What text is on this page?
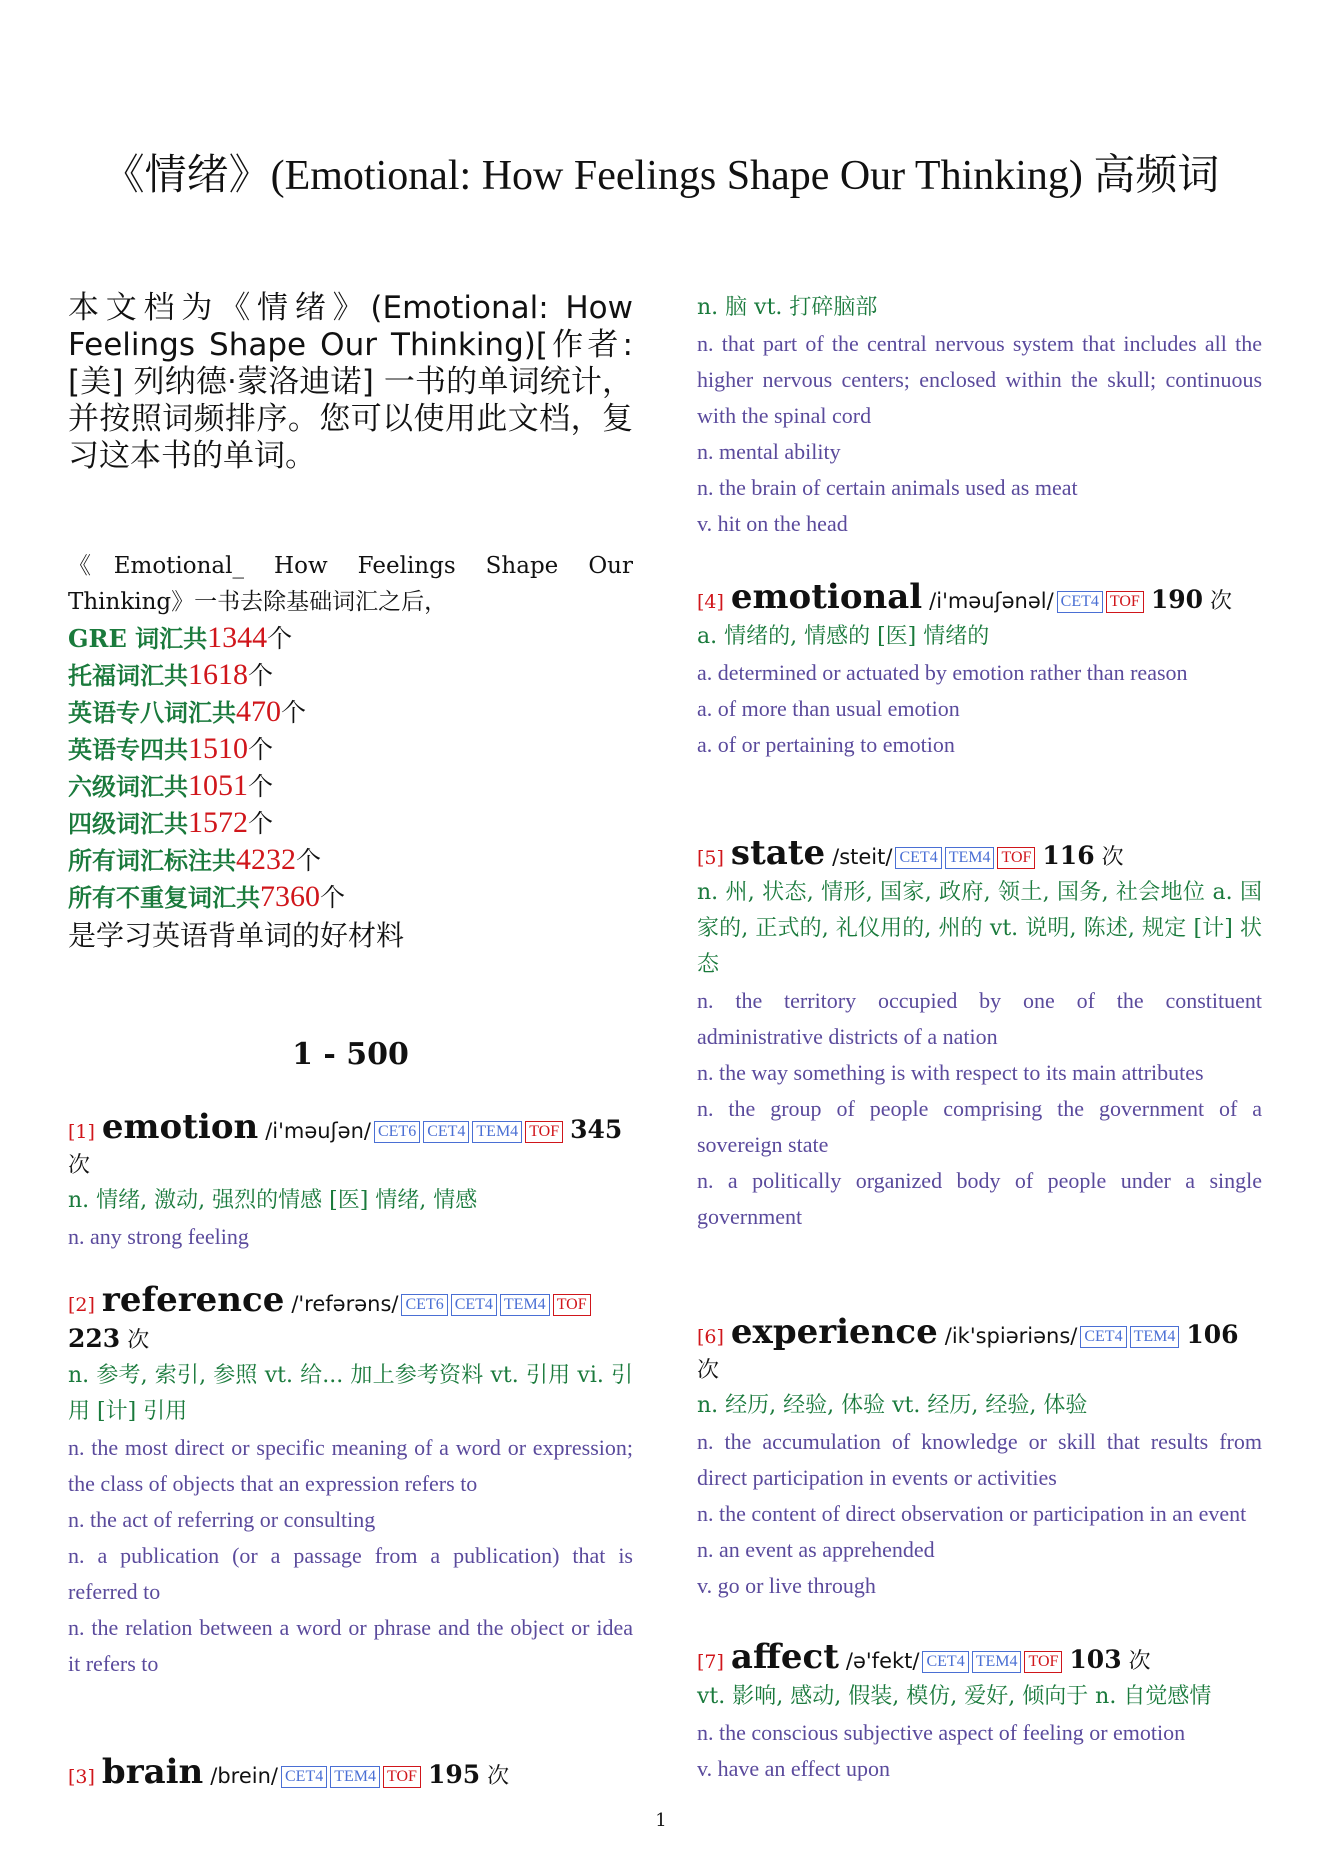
《情绪》(Emotional: How Feelings Shape Our Thinking) 高频词
本文档为《情绪》(Emotional: How Feelings Shape Our Thinking)[作者: [美] 列纳德·蒙洛迪诺] 一书的单词统计，并按照词频排序。您可以使用此文档，复习这本书的单词。
《Emotional_ How Feelings Shape Our Thinking》一书去除基础词汇之后，
GRE 词汇共1344个
托福词汇共1618个
英语专八词汇共470个
英语专四共1510个
六级词汇共1051个
四级词汇共1572个
所有词汇标注共4232个
所有不重复词汇共7360个
是学习英语背单词的好材料
1 - 500
[1] emotion /i'məuʃən/ CET6 CET4 TEM4 TOF 345 次
n. 情绪, 激动, 强烈的情感 [医] 情绪, 情感
n. any strong feeling
[2] reference /'refərəns/ CET6 CET4 TEM4 TOF 223 次
n. 参考, 索引, 参照 vt. 给... 加上参考资料 vt. 引用 vi. 引用 [计] 引用
n. the most direct or specific meaning of a word or expression; the class of objects that an expression refers to
n. the act of referring or consulting
n. a publication (or a passage from a publication) that is referred to
n. the relation between a word or phrase and the object or idea it refers to
[3] brain /brein/ CET4 TEM4 TOF 195 次
n. 脑 vt. 打碎脑部
n. that part of the central nervous system that includes all the higher nervous centers; enclosed within the skull; continuous with the spinal cord
n. mental ability
n. the brain of certain animals used as meat
v. hit on the head
[4] emotional /i'məuʃənəl/ CET4 TOF 190 次
a. 情绪的, 情感的 [医] 情绪的
a. determined or actuated by emotion rather than reason
a. of more than usual emotion
a. of or pertaining to emotion
[5] state /steit/ CET4 TEM4 TOF 116 次
n. 州, 状态, 情形, 国家, 政府, 领土, 国务, 社会地位 a. 国家的, 正式的, 礼仪用的, 州的 vt. 说明, 陈述, 规定 [计] 状态
n. the territory occupied by one of the constituent administrative districts of a nation
n. the way something is with respect to its main attributes
n. the group of people comprising the government of a sovereign state
n. a politically organized body of people under a single government
[6] experience /ik'spiəriəns/ CET4 TEM4 106 次
n. 经历, 经验, 体验 vt. 经历, 经验, 体验
n. the accumulation of knowledge or skill that results from direct participation in events or activities
n. the content of direct observation or participation in an event
n. an event as apprehended
v. go or live through
[7] affect /ə'fekt/ CET4 TEM4 TOF 103 次
vt. 影响, 感动, 假装, 模仿, 爱好, 倾向于 n. 自觉感情
n. the conscious subjective aspect of feeling or emotion
v. have an effect upon
1
